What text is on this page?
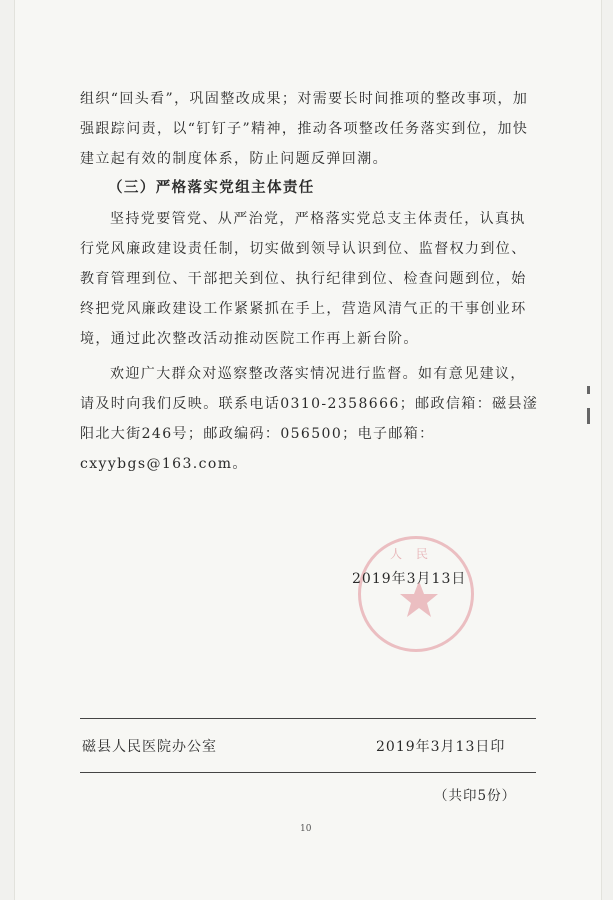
组织“回头看”，巩固整改成果；对需要长时间推项的整改事项，加强跟踪问责，以“钉钉子”精神，推动各项整改任务落实到位，加快建立起有效的制度体系，防止问题反弹回潮。

（三）严格落实党组主体责任

坚持党要管党、从严治党，严格落实党总支主体责任，认真执行党风廉政建设责任制，切实做到领导认识到位、监督权力到位、教育管理到位、干部把关到位、执行纪律到位、检查问题到位，始终把党风廉政建设工作紧紧抓在手上，营造风清气正的干事创业环境，通过此次整改活动推动医院工作再上新台阶。

欢迎广大群众对巡察整改落实情况进行监督。如有意见建议，请及时向我们反映。联系电话0310-2358666；邮政信箱：磁县滏阳北大街246号；邮政编码：056500；电子邮箱：cxyybgs@163.com。

人民
2019年3月13日
磁县人民医院办公室	2019年3月13日印
（共印5份）
10
